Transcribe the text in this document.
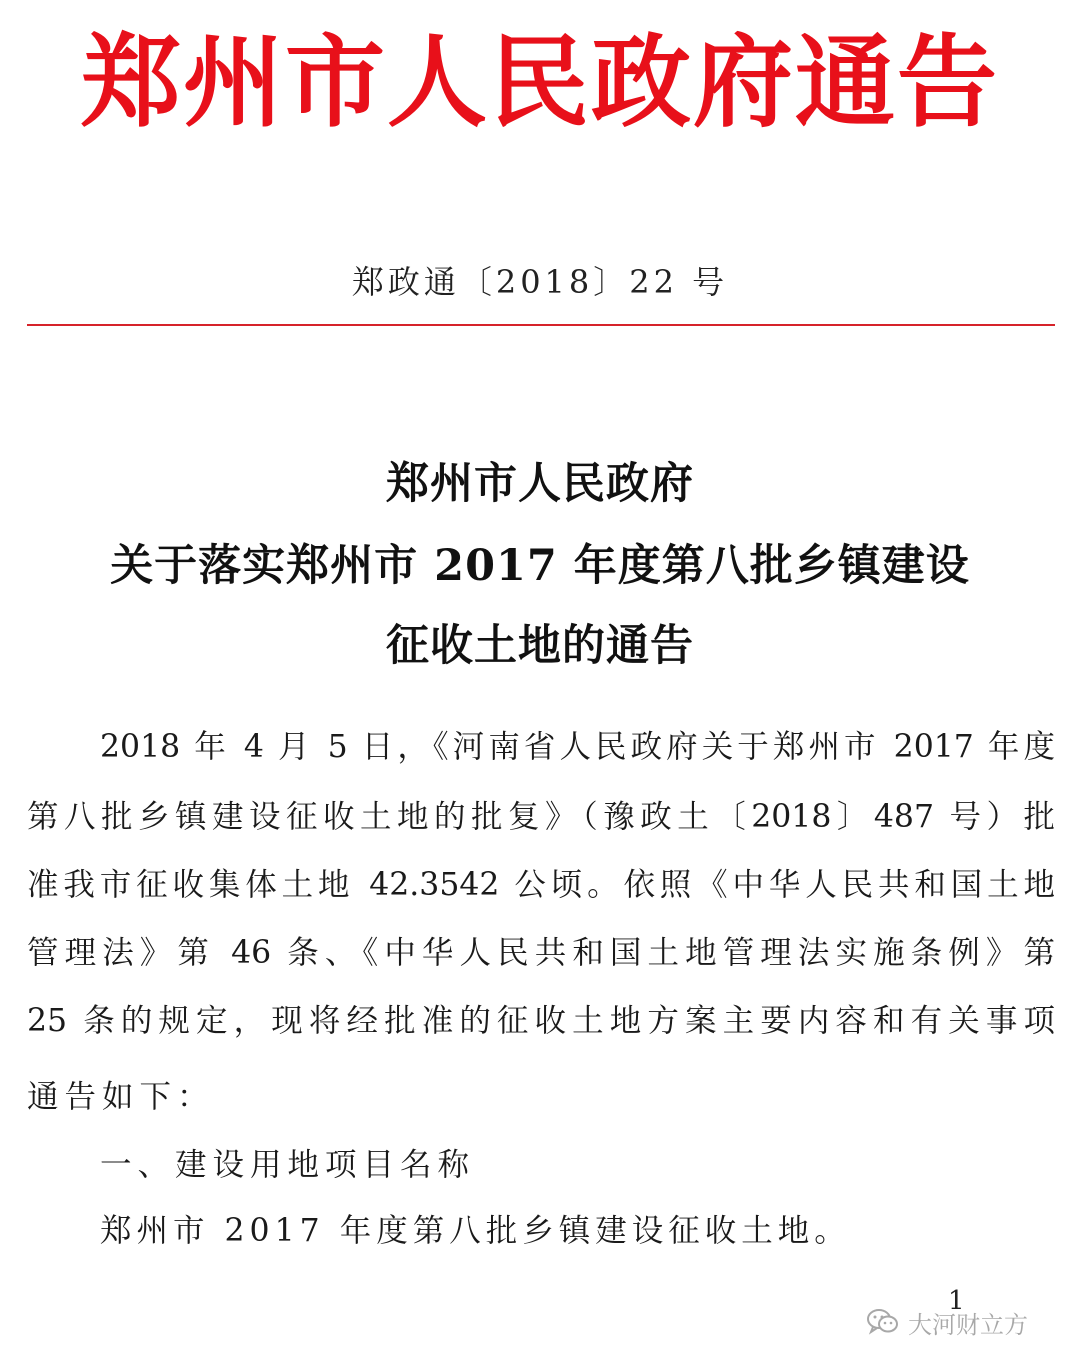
郑州市人民政府通告
郑政通〔2018〕22 号
郑州市人民政府
关于落实郑州市 2017 年度第八批乡镇建设
征收土地的通告
2018 年 4 月 5 日，《河南省人民政府关于郑州市 2017 年度
第八批乡镇建设征收土地的批复》（豫政土〔2018〕487 号）批
准我市征收集体土地 42.3542 公顷。依照《中华人民共和国土地
管理法》第 46 条、《中华人民共和国土地管理法实施条例》第
25 条的规定，现将经批准的征收土地方案主要内容和有关事项
通告如下：
一、建设用地项目名称
郑州市 2017 年度第八批乡镇建设征收土地。
1
大河财立方
